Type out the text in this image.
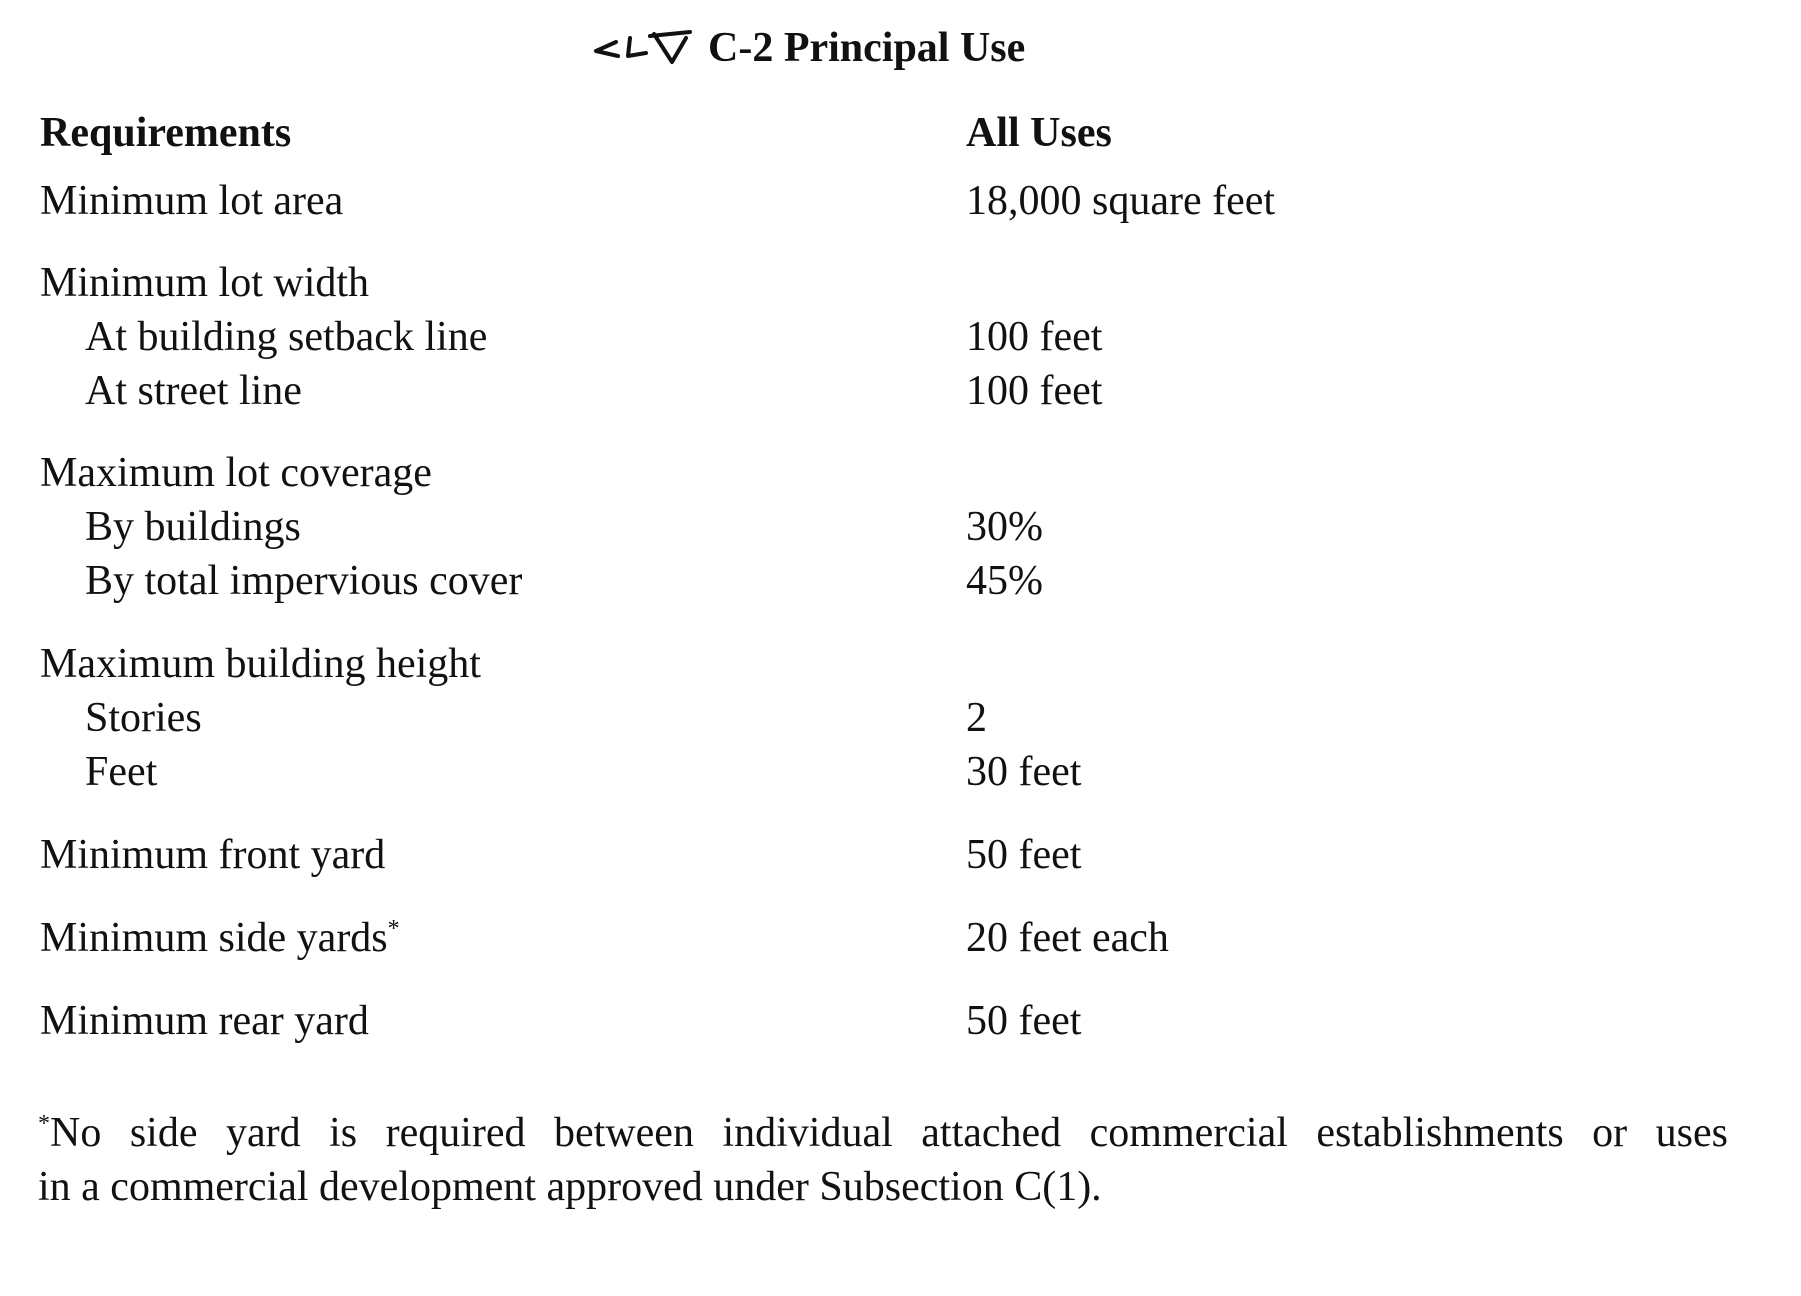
C-2 Principal Use
Requirements	All Uses
Minimum lot area	18,000 square feet
Minimum lot width
At building setback line	100 feet
At street line	100 feet
Maximum lot coverage
By buildings	30%
By total impervious cover	45%
Maximum building height
Stories	2
Feet	30 feet
Minimum front yard	50 feet
Minimum side yards*	20 feet each
Minimum rear yard	50 feet
*No side yard is required between individual attached commercial establishments or uses
in a commercial development approved under Subsection C(1).
